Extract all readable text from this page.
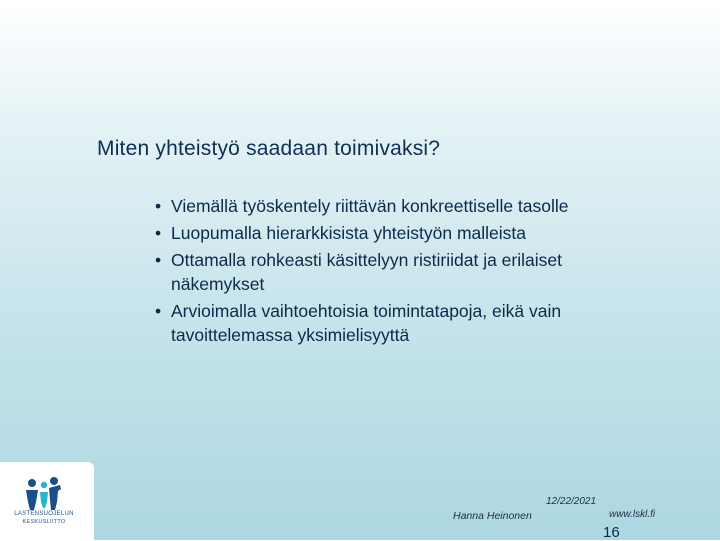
Miten yhteistyö saadaan toimivaksi?
• Viemällä työskentely riittävän konkreettiselle tasolle
• Luopumalla hierarkkisista yhteistyön malleista
• Ottamalla rohkeasti käsittelyyn ristiriidat ja erilaiset näkemykset
• Arvioimalla vaihtoehtoisia toimintatapoja, eikä vain tavoittelemassa yksimielisyyttä
LASTENSUOJELUN
KESKUSLIITTO	Hanna Heinonen
12/22/2021
www.lskl.fi
16
